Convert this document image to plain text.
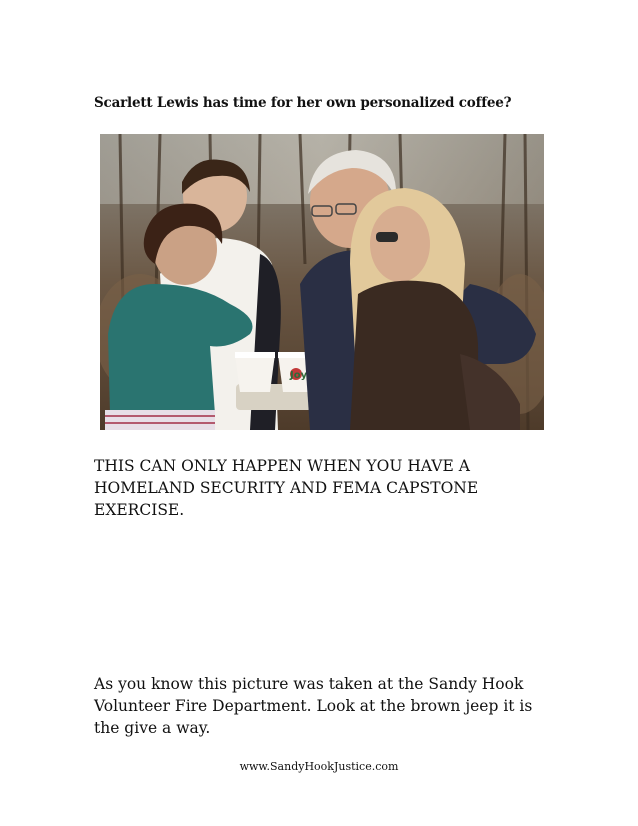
Scarlett Lewis has time for her own personalized coffee?
Joy

THIS CAN ONLY HAPPEN WHEN YOU HAVE A HOMELAND SECURITY AND FEMA CAPSTONE EXERCISE.

As you know this picture was taken at the Sandy Hook Volunteer Fire Department. Look at the brown jeep it is the give a way.

www.SandyHookJustice.com
